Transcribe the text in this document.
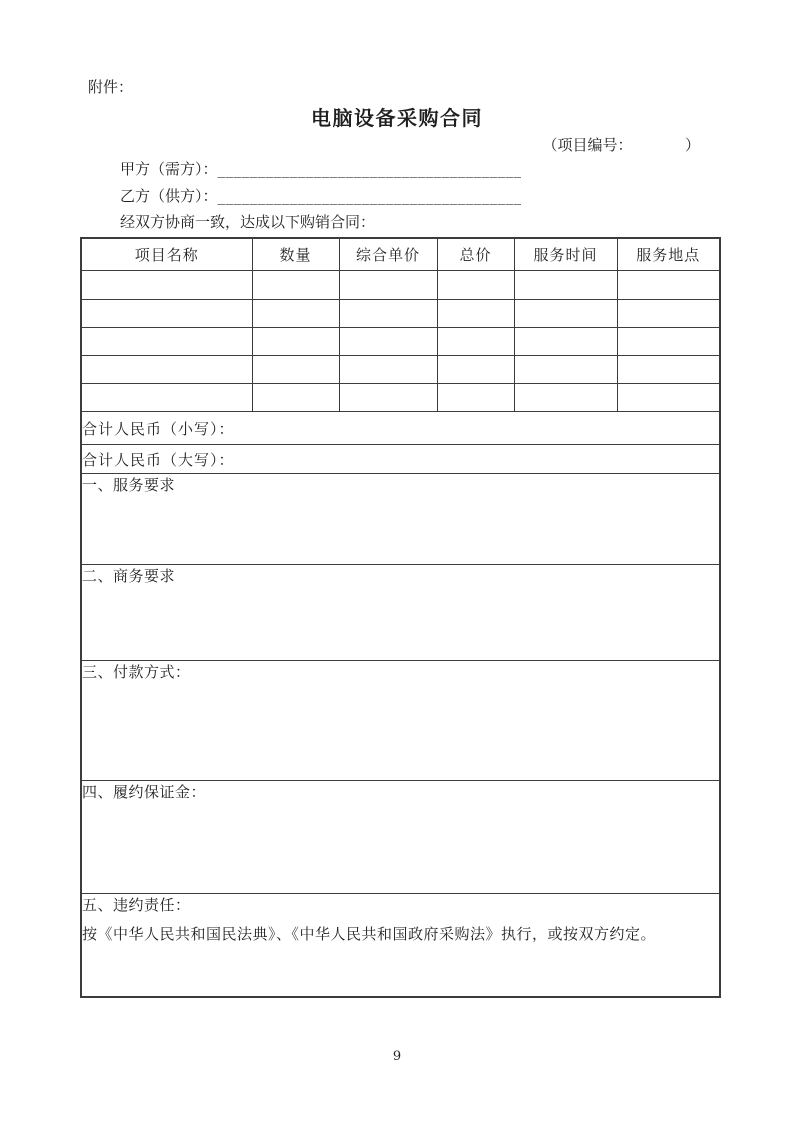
附件：
电脑设备采购合同
（项目编号：　　　　）
甲方（需方）：______________________________________
乙方（供方）：______________________________________
经双方协商一致，达成以下购销合同：
项目名称	数量	综合单价	总价	服务时间	服务地点

合计人民币（小写）：					
合计人民币（大写）：					

一、服务要求					

二、商务要求					

三、付款方式：					

四、履约保证金：					

五、违约责任：
按《中华人民共和国民法典》、《中华人民共和国政府采购法》执行，或按双方约定。					
9
